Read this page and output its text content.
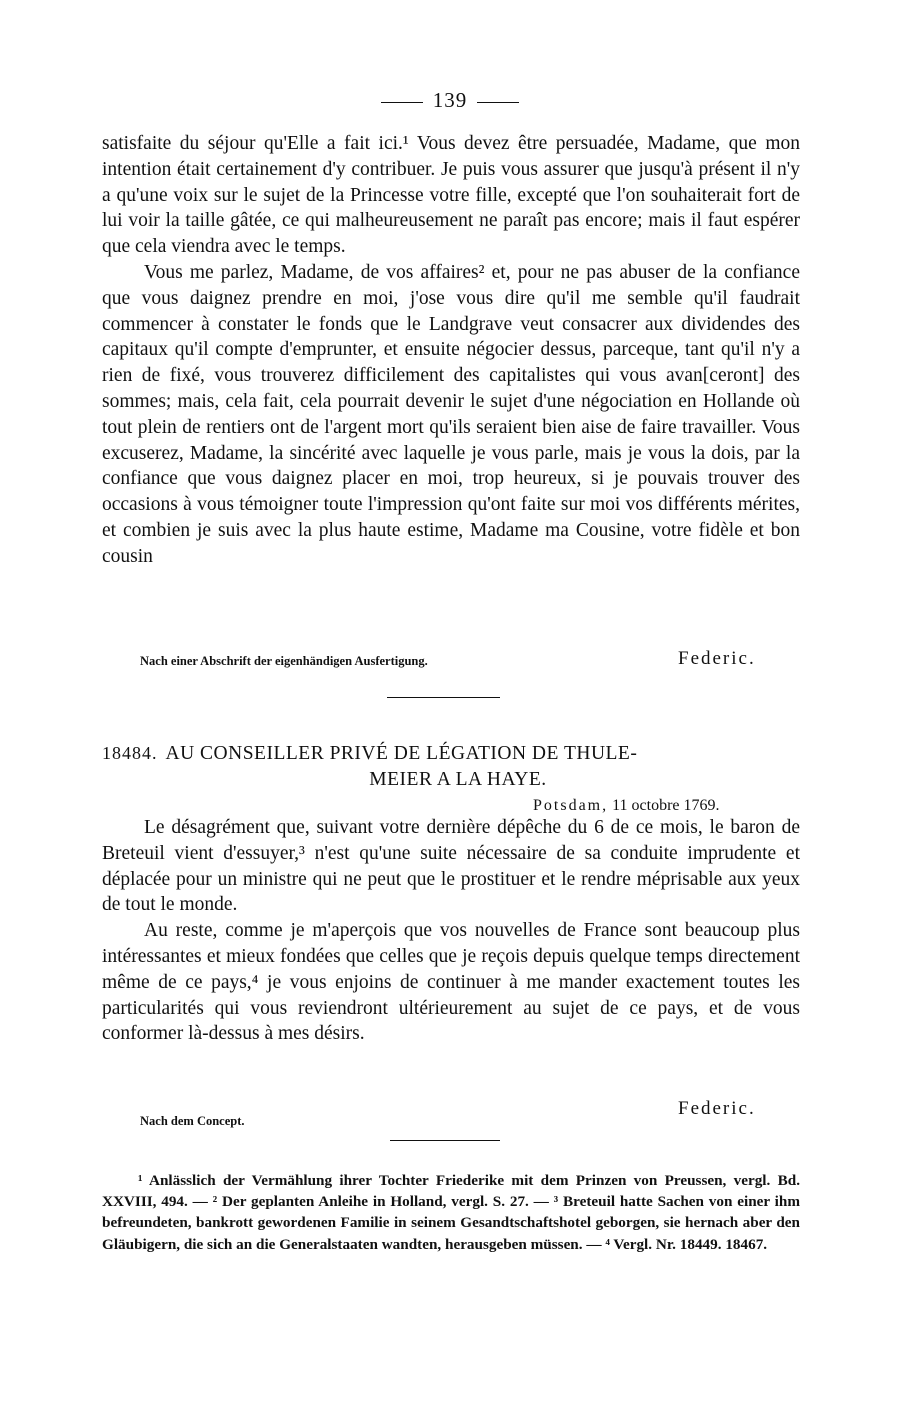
139

satisfaite du séjour qu'Elle a fait ici.¹ Vous devez être persuadée, Madame, que mon intention était certainement d'y contribuer. Je puis vous assurer que jusqu'à présent il n'y a qu'une voix sur le sujet de la Princesse votre fille, excepté que l'on souhaiterait fort de lui voir la taille gâtée, ce qui malheureusement ne paraît pas encore; mais il faut espérer que cela viendra avec le temps.

Vous me parlez, Madame, de vos affaires² et, pour ne pas abuser de la confiance que vous daignez prendre en moi, j'ose vous dire qu'il me semble qu'il faudrait commencer à constater le fonds que le Landgrave veut consacrer aux dividendes des capitaux qu'il compte d'emprunter, et ensuite négocier dessus, parceque, tant qu'il n'y a rien de fixé, vous trouverez difficilement des capitalistes qui vous avan[ceront] des sommes; mais, cela fait, cela pourrait devenir le sujet d'une négociation en Hollande où tout plein de rentiers ont de l'argent mort qu'ils seraient bien aise de faire travailler. Vous excuserez, Madame, la sincérité avec laquelle je vous parle, mais je vous la dois, par la confiance que vous daignez placer en moi, trop heureux, si je pouvais trouver des occasions à vous témoigner toute l'impression qu'ont faite sur moi vos différents mérites, et combien je suis avec la plus haute estime, Madame ma Cousine, votre fidèle et bon cousin

Nach einer Abschrift der eigenhändigen Ausfertigung.	Federic.
18484. AU CONSEILLER PRIVÉ DE LÉGATION DE THULE-
MEIER A LA HAYE.
Potsdam, 11 octobre 1769.

Le désagrément que, suivant votre dernière dépêche du 6 de ce mois, le baron de Breteuil vient d'essuyer,³ n'est qu'une suite nécessaire de sa conduite imprudente et déplacée pour un ministre qui ne peut que le prostituer et le rendre méprisable aux yeux de tout le monde.

Au reste, comme je m'aperçois que vos nouvelles de France sont beaucoup plus intéressantes et mieux fondées que celles que je reçois depuis quelque temps directement même de ce pays,⁴ je vous enjoins de continuer à me mander exactement toutes les particularités qui vous reviendront ultérieurement au sujet de ce pays, et de vous conformer là-dessus à mes désirs.

Federic.
Nach dem Concept.

¹ Anlässlich der Vermählung ihrer Tochter Friederike mit dem Prinzen von Preussen, vergl. Bd. XXVIII, 494. — ² Der geplanten Anleihe in Holland, vergl. S. 27. — ³ Breteuil hatte Sachen von einer ihm befreundeten, bankrott gewordenen Familie in seinem Gesandtschaftshotel geborgen, sie hernach aber den Gläubigern, die sich an die Generalstaaten wandten, herausgeben müssen. — ⁴ Vergl. Nr. 18449. 18467.
